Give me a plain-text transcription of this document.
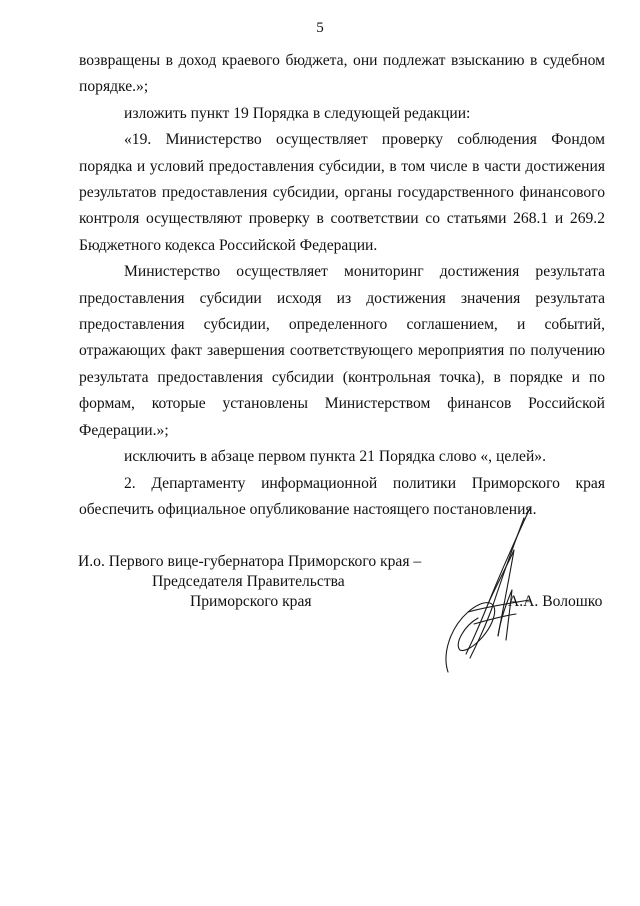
5

возвращены в доход краевого бюджета, они подлежат взысканию в судебном порядке.»;

изложить пункт 19 Порядка в следующей редакции:

«19. Министерство осуществляет проверку соблюдения Фондом порядка и условий предоставления субсидии, в том числе в части достижения результатов предоставления субсидии, органы государственного финансового контроля осуществляют проверку в соответствии со статьями 268.1 и 269.2 Бюджетного кодекса Российской Федерации.

Министерство осуществляет мониторинг достижения результата предоставления субсидии исходя из достижения значения результата предоставления субсидии, определенного соглашением, и событий, отражающих факт завершения соответствующего мероприятия по получению результата предоставления субсидии (контрольная точка), в порядке и по формам, которые установлены Министерством финансов Российской Федерации.»;

исключить в абзаце первом пункта 21 Порядка слово «, целей».

2. Департаменту информационной политики Приморского края обеспечить официальное опубликование настоящего постановления.

И.о. Первого вице-губернатора Приморского края –
Председателя Правительства
Приморского края	А.А. Волошко
